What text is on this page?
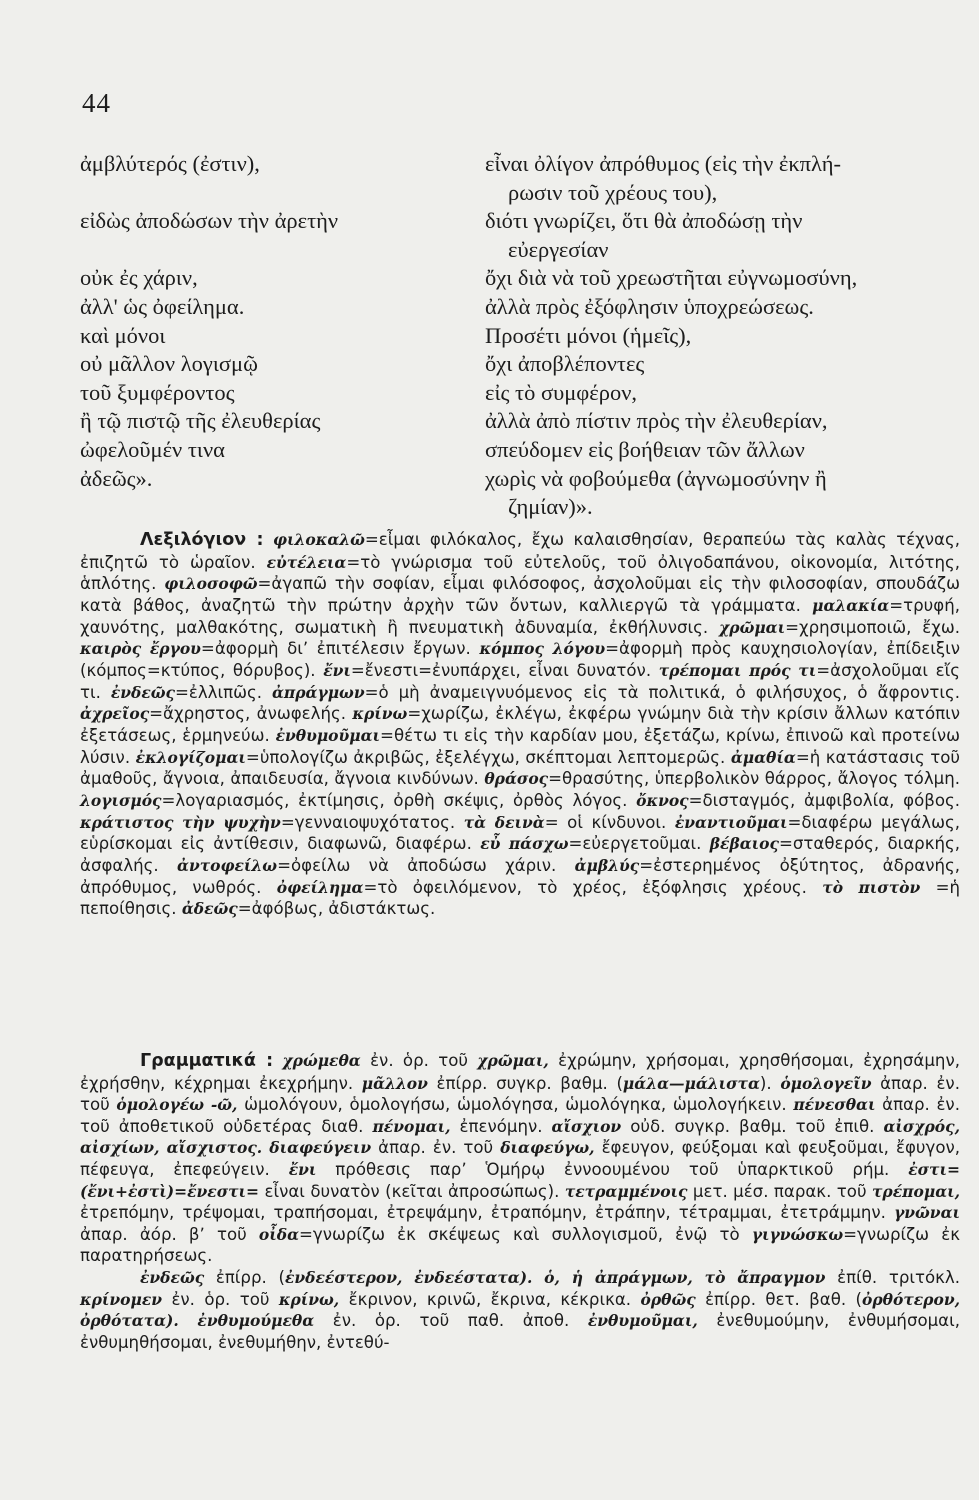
44
ἀμβλύτερός (ἐστιν),	εἶναι ὀλίγον ἀπρόθυμος (εἰς τὴν ἐκπλή-
ρωσιν τοῦ χρέους του),
εἰδὼς ἀποδώσων τὴν ἀρετὴν	διότι γνωρίζει, ὅτι θὰ ἀποδώσῃ τὴν
εὐεργεσίαν
οὐκ ἐς χάριν,	ὄχι διὰ νὰ τοῦ χρεωστῆται εὐγνωμοσύνη,
ἀλλ' ὡς ὀφείλημα.	ἀλλὰ πρὸς ἐξόφλησιν ὑποχρεώσεως.
καὶ μόνοι	Προσέτι μόνοι (ἡμεῖς),
οὐ μᾶλλον λογισμῷ	ὄχι ἀποβλέποντες
τοῦ ξυμφέροντος	εἰς τὸ συμφέρον,
ἢ τῷ πιστῷ τῆς ἐλευθερίας	ἀλλὰ ἀπὸ πίστιν πρὸς τὴν ἐλευθερίαν,
ὠφελοῦμέν τινα	σπεύδομεν εἰς βοήθειαν τῶν ἄλλων
ἀδεῶς».	χωρὶς νὰ φοβούμεθα (ἀγνωμοσύνην ἢ
ζημίαν)».

Λεξιλόγιον : φιλοκαλῶ=εἶμαι φιλόκαλος, ἔχω καλαισθησίαν, θεραπεύω τὰς καλὰς τέχνας, ἐπιζητῶ τὸ ὡραῖον. εὐτέλεια=τὸ γνώρισμα τοῦ εὐτελοῦς, τοῦ ὀλιγοδαπάνου, οἰκονομία, λιτότης, ἁπλότης. φιλοσοφῶ=ἀγαπῶ τὴν σοφίαν, εἶμαι φιλόσοφος, ἀσχολοῦμαι εἰς τὴν φιλοσοφίαν, σπουδάζω κατὰ βάθος, ἀναζητῶ τὴν πρώτην ἀρχὴν τῶν ὄντων, καλλιεργῶ τὰ γράμματα. μαλακία=τρυφή, χαυνότης, μαλθακότης, σωματικὴ ἢ πνευματικὴ ἀδυναμία, ἐκθήλυνσις. χρῶμαι=χρησιμοποιῶ, ἔχω. καιρὸς ἔργου=ἀφορμὴ διʼ ἐπιτέλεσιν ἔργων. κόμπος λόγου=ἀφορμὴ πρὸς καυχησιολογίαν, ἐπίδειξιν (κόμπος=κτύπος, θόρυβος). ἔνι=ἔνεστι=ἐνυπάρχει, εἶναι δυνατόν. τρέπομαι πρός τι=ἀσχολοῦμαι εἴς τι. ἐνδεῶς=ἐλλιπῶς. ἀπράγμων=ὁ μὴ ἀναμειγνυόμενος εἰς τὰ πολιτικά, ὁ φιλήσυχος, ὁ ἄφροντις. ἀχρεῖος=ἄχρηστος, ἀνωφελής. κρίνω=χωρίζω, ἐκλέγω, ἐκφέρω γνώμην διὰ τὴν κρίσιν ἄλλων κατόπιν ἐξετάσεως, ἑρμηνεύω. ἐνθυμοῦμαι=θέτω τι εἰς τὴν καρδίαν μου, ἐξετάζω, κρίνω, ἐπινοῶ καὶ προτείνω λύσιν. ἐκλογίζομαι=ὑπολογίζω ἀκριβῶς, ἐξελέγχω, σκέπτομαι λεπτομερῶς. ἀμαθία=ἡ κατάστασις τοῦ ἀμαθοῦς, ἄγνοια, ἀπαιδευσία, ἄγνοια κινδύνων. θράσος=θρασύτης, ὑπερβολικὸν θάρρος, ἄλογος τόλμη. λογισμός=λογαριασμός, ἐκτίμησις, ὀρθὴ σκέψις, ὀρθὸς λόγος. ὄκνος=δισταγμός, ἀμφιβολία, φόβος. κράτιστος τὴν ψυχὴν=γενναιοψυχότατος. τὰ δεινὰ= οἱ κίνδυνοι. ἐναντιοῦμαι=διαφέρω μεγάλως, εὑρίσκομαι εἰς ἀντίθεσιν, διαφωνῶ, διαφέρω. εὖ πάσχω=εὐεργετοῦμαι. βέβαιος=σταθερός, διαρκής, ἀσφαλής. ἀντοφείλω=ὀφείλω νὰ ἀποδώσω χάριν. ἀμβλύς=ἐστερημένος ὀξύτητος, ἀδρανής, ἀπρόθυμος, νωθρός. ὀφείλημα=τὸ ὀφειλόμενον, τὸ χρέος, ἐξόφλησις χρέους. τὸ πιστὸν =ἡ πεποίθησις. ἀδεῶς=ἀφόβως, ἀδιστάκτως.

Γραμματικά : χρώμεθα ἐν. ὁρ. τοῦ χρῶμαι, ἐχρώμην, χρήσομαι, χρησθήσομαι, ἐχρησάμην, ἐχρήσθην, κέχρημαι ἐκεχρήμην. μᾶλλον ἐπίρρ. συγκρ. βαθμ. (μάλα—μάλιστα). ὁμολογεῖν ἀπαρ. ἐν. τοῦ ὁμολογέω -ῶ, ὡμολόγουν, ὁμολογήσω, ὡμολόγησα, ὡμολόγηκα, ὡμολογήκειν. πένεσθαι ἀπαρ. ἐν. τοῦ ἀποθετικοῦ οὐδετέρας διαθ. πένομαι, ἐπενόμην. αἴσχιον οὐδ. συγκρ. βαθμ. τοῦ ἐπιθ. αἰσχρός, αἰσχίων, αἴσχιστος. διαφεύγειν ἀπαρ. ἐν. τοῦ διαφεύγω, ἔφευγον, φεύξομαι καὶ φευξοῦμαι, ἔφυγον, πέφευγα, ἐπεφεύγειν. ἔνι πρόθεσις παρʼ Ὁμήρῳ ἐννοουμένου τοῦ ὑπαρκτικοῦ ρήμ. ἐστι=(ἔνι+ἐστὶ)=ἔνεστι= εἶναι δυνατὸν (κεῖται ἀπροσώπως). τετραμμένοις μετ. μέσ. παρακ. τοῦ τρέπομαι, ἐτρεπόμην, τρέψομαι, τραπήσομαι, ἐτρεψάμην, ἐτραπόμην, ἐτράπην, τέτραμμαι, ἐτετράμμην. γνῶναι ἀπαρ. ἀόρ. βʼ τοῦ οἶδα=γνωρίζω ἐκ σκέψεως καὶ συλλογισμοῦ, ἐνῷ τὸ γιγνώσκω=γνωρίζω ἐκ παρατηρήσεως.

ἐνδεῶς ἐπίρρ. (ἐνδεέστερον, ἐνδεέστατα). ὁ, ἡ ἀπράγμων, τὸ ἄπραγμον ἐπίθ. τριτόκλ. κρίνομεν ἐν. ὁρ. τοῦ κρίνω, ἔκρινον, κρινῶ, ἔκρινα, κέκρικα. ὀρθῶς ἐπίρρ. θετ. βαθ. (ὀρθότερον, ὀρθότατα). ἐνθυμούμεθα ἐν. ὁρ. τοῦ παθ. ἀποθ. ἐνθυμοῦμαι, ἐνεθυμούμην, ἐνθυμήσομαι, ἐνθυμηθήσομαι, ἐνεθυμήθην, ἐντεθύ-
